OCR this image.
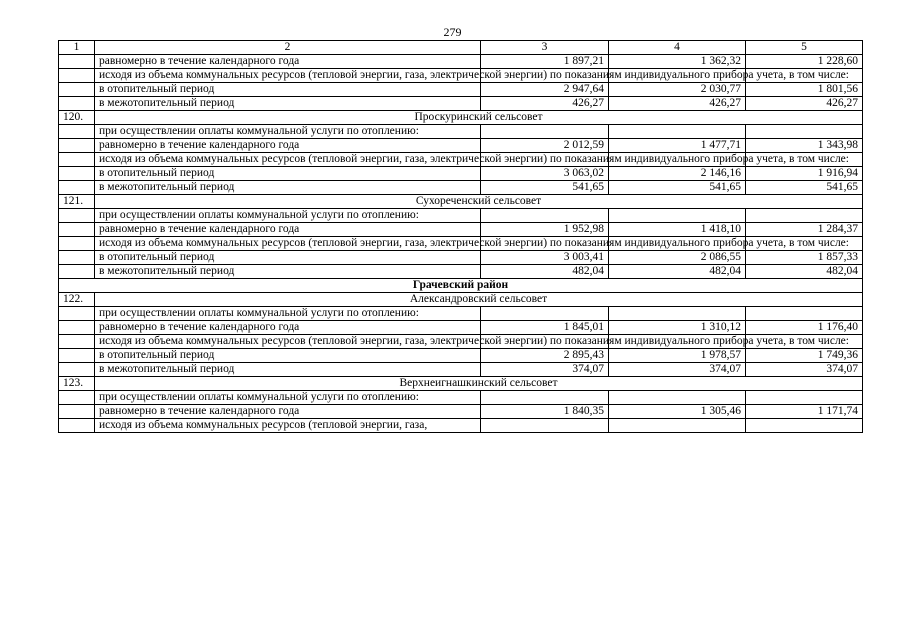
279
1	2	3	4	5
	равномерно в течение календарного года	1 897,21	1 362,32	1 228,60
	исходя из объема коммунальных ресурсов (тепловой энергии, газа, электрической энергии) по показаниям индивидуального прибора учета, в том числе:			
	в отопительный период	2 947,64	2 030,77	1 801,56
	в межотопительный период	426,27	426,27	426,27
120.	Проскуринский сельсовет			
	при осуществлении оплаты коммунальной услуги по отоплению:			
	равномерно в течение календарного года	2 012,59	1 477,71	1 343,98
	исходя из объема коммунальных ресурсов (тепловой энергии, газа, электрической энергии) по показаниям индивидуального прибора учета, в том числе:			
	в отопительный период	3 063,02	2 146,16	1 916,94
	в межотопительный период	541,65	541,65	541,65
121.	Сухореченский сельсовет			
	при осуществлении оплаты коммунальной услуги по отоплению:			
	равномерно в течение календарного года	1 952,98	1 418,10	1 284,37
	исходя из объема коммунальных ресурсов (тепловой энергии, газа, электрической энергии) по показаниям индивидуального прибора учета, в том числе:			
	в отопительный период	3 003,41	2 086,55	1 857,33
	в межотопительный период	482,04	482,04	482,04
Грачевский район				
122.	Александровский сельсовет			
	при осуществлении оплаты коммунальной услуги по отоплению:			
	равномерно в течение календарного года	1 845,01	1 310,12	1 176,40
	исходя из объема коммунальных ресурсов (тепловой энергии, газа, электрической энергии) по показаниям индивидуального прибора учета, в том числе:			
	в отопительный период	2 895,43	1 978,57	1 749,36
	в межотопительный период	374,07	374,07	374,07
123.	Верхнеигнашкинский сельсовет			
	при осуществлении оплаты коммунальной услуги по отоплению:			
	равномерно в течение календарного года	1 840,35	1 305,46	1 171,74
	исходя из объема коммунальных ресурсов (тепловой энергии, газа,			
